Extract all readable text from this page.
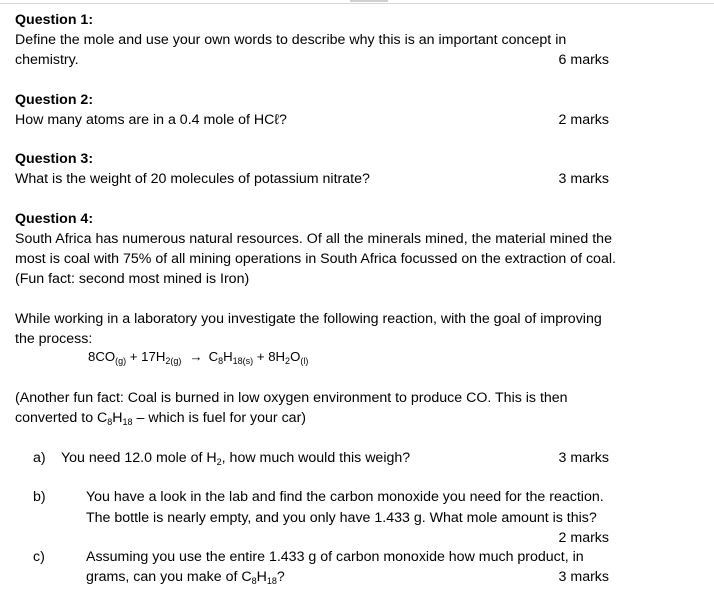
Question 1:
Define the mole and use your own words to describe why this is an important concept in
chemistry.	6 marks
Question 2:
How many atoms are in a 0.4 mole of HCℓ?	2 marks
Question 3:
What is the weight of 20 molecules of potassium nitrate?	3 marks
Question 4:
South Africa has numerous natural resources. Of all the minerals mined, the material mined the
most is coal with 75% of all mining operations in South Africa focussed on the extraction of coal.
(Fun fact: second most mined is Iron)
While working in a laboratory you investigate the following reaction, with the goal of improving
the process:
$8CO_{(g)} + 17H_{2(g)} \to C_8H_{18(s)} + 8H_2O_{(l)}$
(Another fun fact: Coal is burned in low oxygen environment to produce CO. This is then
converted to $C_8H_{18}$ – which is fuel for your car)
a) You need 12.0 mole of $H_2$, how much would this weigh?	3 marks
b)	You have a look in the lab and find the carbon monoxide you need for the reaction.
The bottle is nearly empty, and you only have 1.433 g. What mole amount is this?
2 marks
c)	Assuming you use the entire 1.433 g of carbon monoxide how much product, in
grams, can you make of $C_8H_{18}$?	3 marks
